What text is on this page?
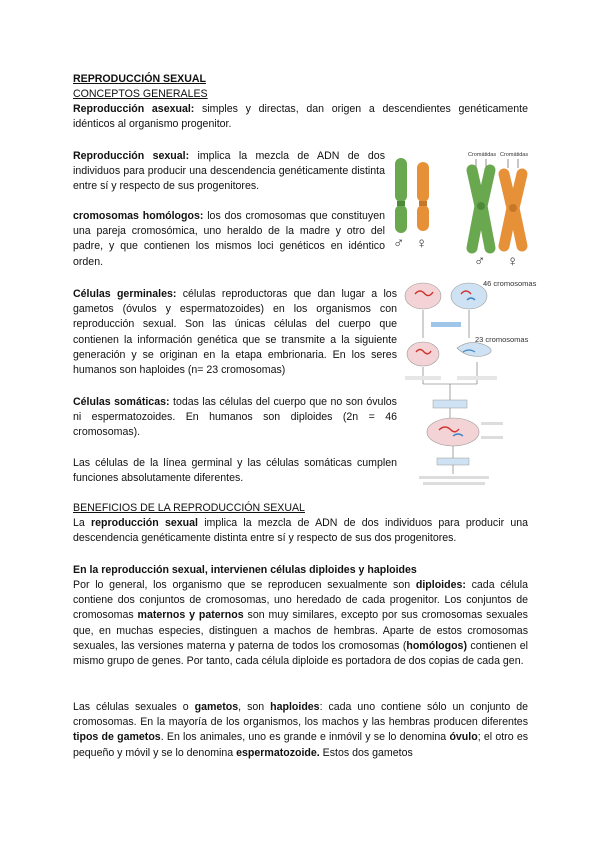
REPRODUCCIÓN SEXUAL
CONCEPTOS GENERALES
Reproducción asexual: simples y directas, dan origen a descendientes genéticamente idénticos al organismo progenitor.
Reproducción sexual: implica la mezcla de ADN de dos individuos para producir una descendencia genéticamente distinta entre sí y respecto de sus progenitores.
cromosomas homólogos: los dos cromosomas que constituyen una pareja cromosómica, uno heraldo de la madre y otro del padre, y que contienen los mismos loci genéticos en idéntico orden.
Células germinales: células reproductoras que dan lugar a los gametos (óvulos y espermatozoides) en los organismos con reproducción sexual. Son las únicas células del cuerpo que contienen la información genética que se transmite a la siguiente generación y se originan en la etapa embrionaria. En los seres humanos son haploides (n= 23 cromosomas)
Células somáticas: todas las células del cuerpo que no son óvulos ni espermatozoides. En humanos son diploides (2n = 46 cromosomas).
Las células de la línea germinal y las células somáticas cumplen funciones absolutamente diferentes.
BENEFICIOS DE LA REPRODUCCIÓN SEXUAL
La reproducción sexual implica la mezcla de ADN de dos individuos para producir una descendencia genéticamente distinta entre sí y respecto de sus dos progenitores.
En la reproducción sexual, intervienen células diploides y haploides
Por lo general, los organismo que se reproducen sexualmente son diploides: cada célula contiene dos conjuntos de cromosomas, uno heredado de cada progenitor. Los conjuntos de cromosomas maternos y paternos son muy similares, excepto por sus cromosomas sexuales que, en muchas especies, distinguen a machos de hembras. Aparte de estos cromosomas sexuales, las versiones materna y paterna de todos los cromosomas (homólogos) contienen el mismo grupo de genes. Por tanto, cada célula diploide es portadora de dos copias de cada gen.
Las células sexuales o gametos, son haploides: cada uno contiene sólo un conjunto de cromosomas. En la mayoría de los organismos, los machos y las hembras producen diferentes tipos de gametos. En los animales, uno es grande e inmóvil y se lo denomina óvulo; el otro es pequeño y móvil y se lo denomina espermatozoide. Estos dos gametos
♂ ♀
Cromátidas Cromátidas
♂ ♀
46 cromosomas
23 cromosomas
